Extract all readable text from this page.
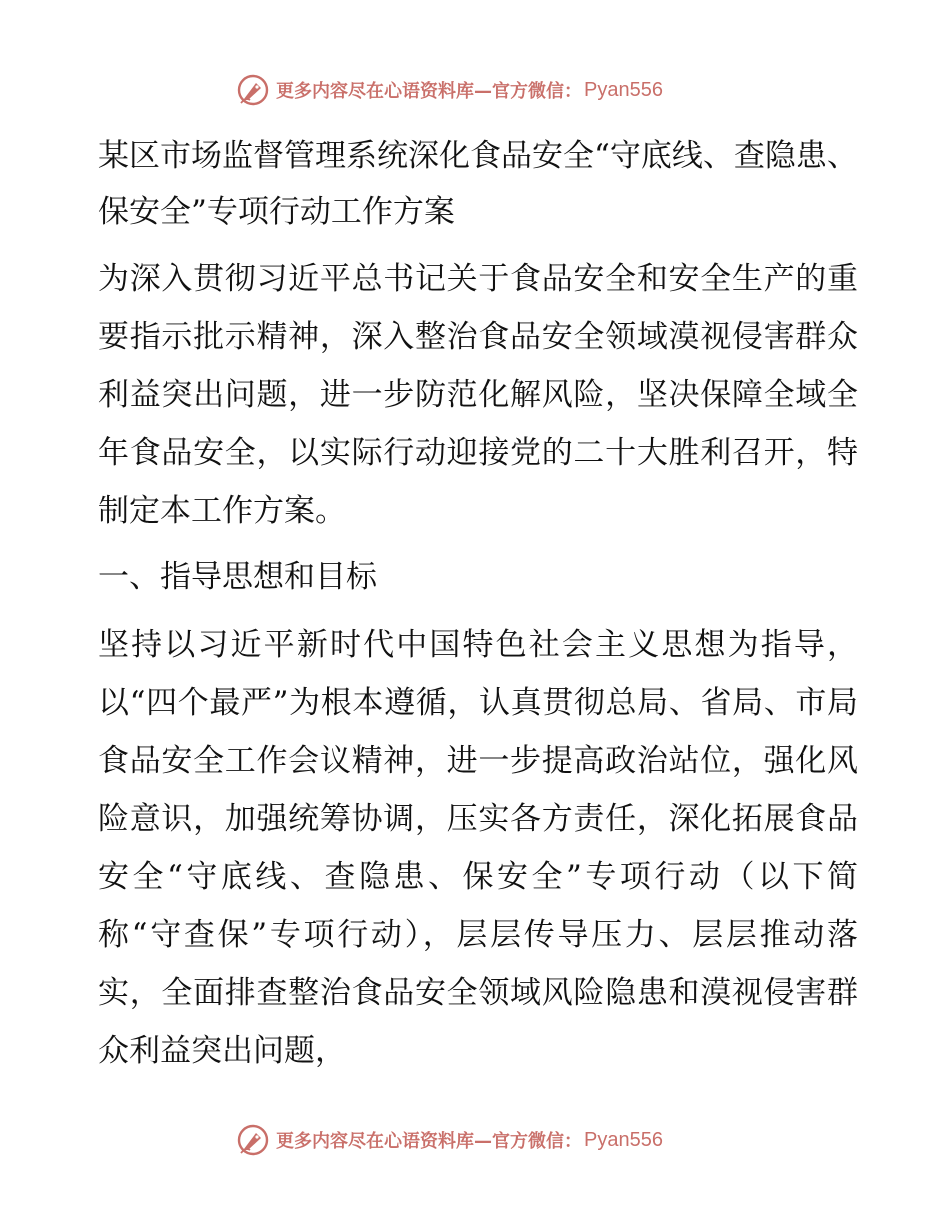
更多内容尽在心语资料库—官方微信： Pyan556
某区市场监督管理系统深化食品安全“守底线、查隐患、保安全”专项行动工作方案

为深入贯彻习近平总书记关于食品安全和安全生产的重要指示批示精神，深入整治食品安全领域漠视侵害群众利益突出问题，进一步防范化解风险，坚决保障全域全年食品安全，以实际行动迎接党的二十大胜利召开，特制定本工作方案。

一、指导思想和目标

坚持以习近平新时代中国特色社会主义思想为指导，以“四个最严”为根本遵循，认真贯彻总局、省局、市局食品安全工作会议精神，进一步提高政治站位，强化风险意识，加强统筹协调，压实各方责任，深化拓展食品安全“守底线、查隐患、保安全”专项行动（以下简称“守查保”专项行动），层层传导压力、层层推动落实，全面排查整治食品安全领域风险隐患和漠视侵害群众利益突出问题，

更多内容尽在心语资料库—官方微信： Pyan556
